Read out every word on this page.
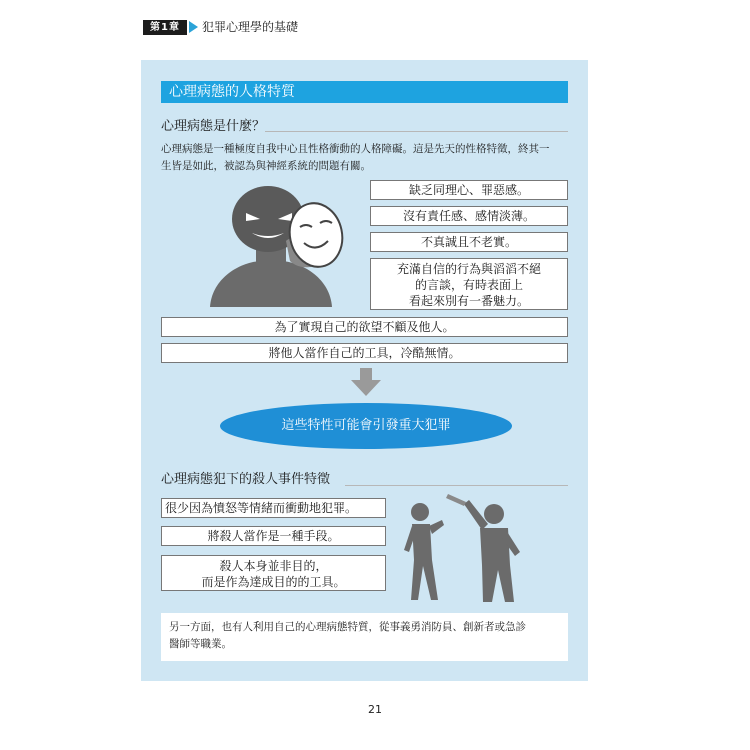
第1章	犯罪心理學的基礎
心理病態的人格特質
心理病態是什麼？
心理病態是一種極度自我中心且性格衝動的人格障礙。這是先天的性格特徵，終其一
生皆是如此，被認為與神經系統的問題有關。
缺乏同理心、罪惡感。
沒有責任感、感情淡薄。
不真誠且不老實。
充滿自信的行為與滔滔不絕
的言談，有時表面上
看起來別有一番魅力。
為了實現自己的欲望不顧及他人。
將他人當作自己的工具，冷酷無情。
這些特性可能會引發重大犯罪
心理病態犯下的殺人事件特徵
很少因為憤怒等情緒而衝動地犯罪。
將殺人當作是一種手段。
殺人本身並非目的，
而是作為達成目的的工具。
另一方面，也有人利用自己的心理病態特質，從事義勇消防員、創新者或急診
醫師等職業。
21
